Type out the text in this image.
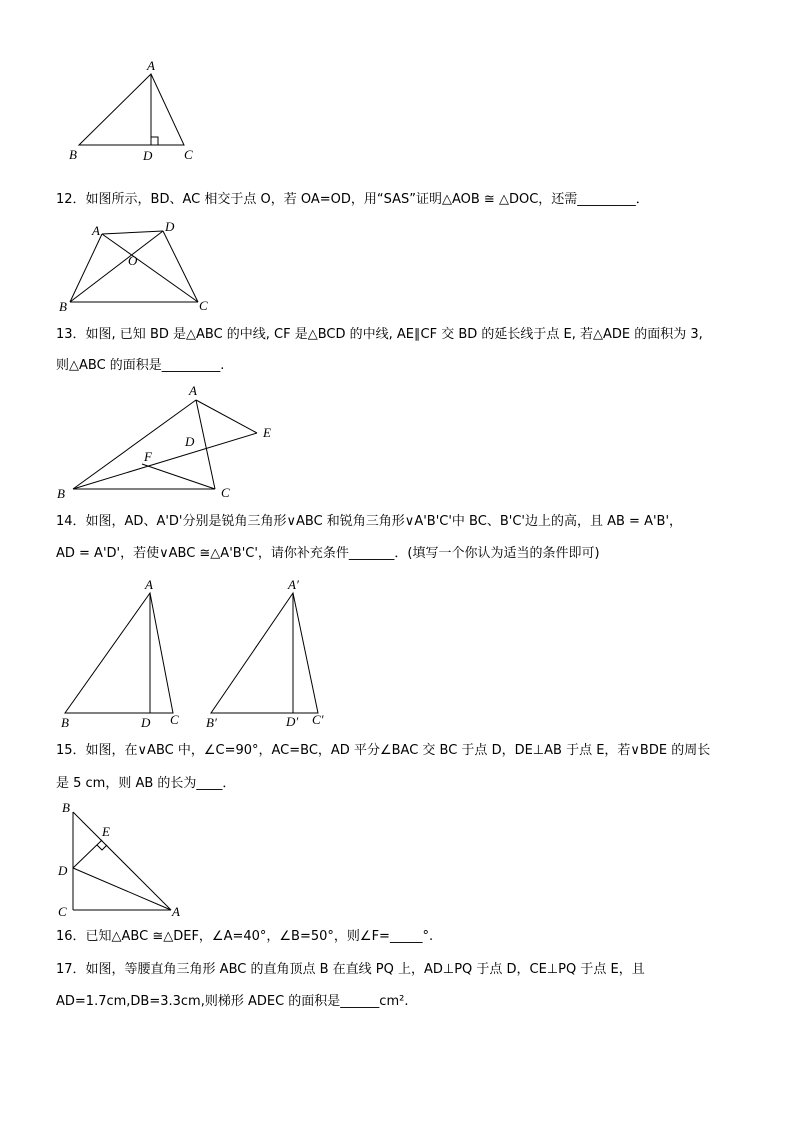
A
B	D C
12．如图所示，BD、AC 相交于点 O，若 OA=OD，用“SAS”证明△AOB ≅ △DOC，还需_________．
A	D
O
B	C
13．如图, 已知 BD 是△ABC 的中线, CF 是△BCD 的中线, AE∥CF 交 BD 的延长线于点 E, 若△ADE 的面积为 3,
则△ABC 的面积是_________.
A
E
D
F
B	C
14．如图，AD、A'D'分别是锐角三角形∨ABC 和锐角三角形∨A'B'C'中 BC、B'C'边上的高，且 AB = A'B'，
AD = A'D'，若使∨ABC ≅△A'B'C'，请你补充条件_______．(填写一个你认为适当的条件即可)
A
B	D C
A′
B′	D′ C′
15．如图，在∨ABC 中，∠C=90°，AC=BC，AD 平分∠BAC 交 BC 于点 D，DE⊥AB 于点 E，若∨BDE 的周长
是 5 cm，则 AB 的长为____．
B
E
D
C	A
16．已知△ABC ≅△DEF，∠A=40°，∠B=50°，则∠F=_____°.
17．如图，等腰直角三角形 ABC 的直角顶点 B 在直线 PQ 上，AD⊥PQ 于点 D，CE⊥PQ 于点 E，且
AD=1.7cm,DB=3.3cm,则梯形 ADEC 的面积是______cm².
